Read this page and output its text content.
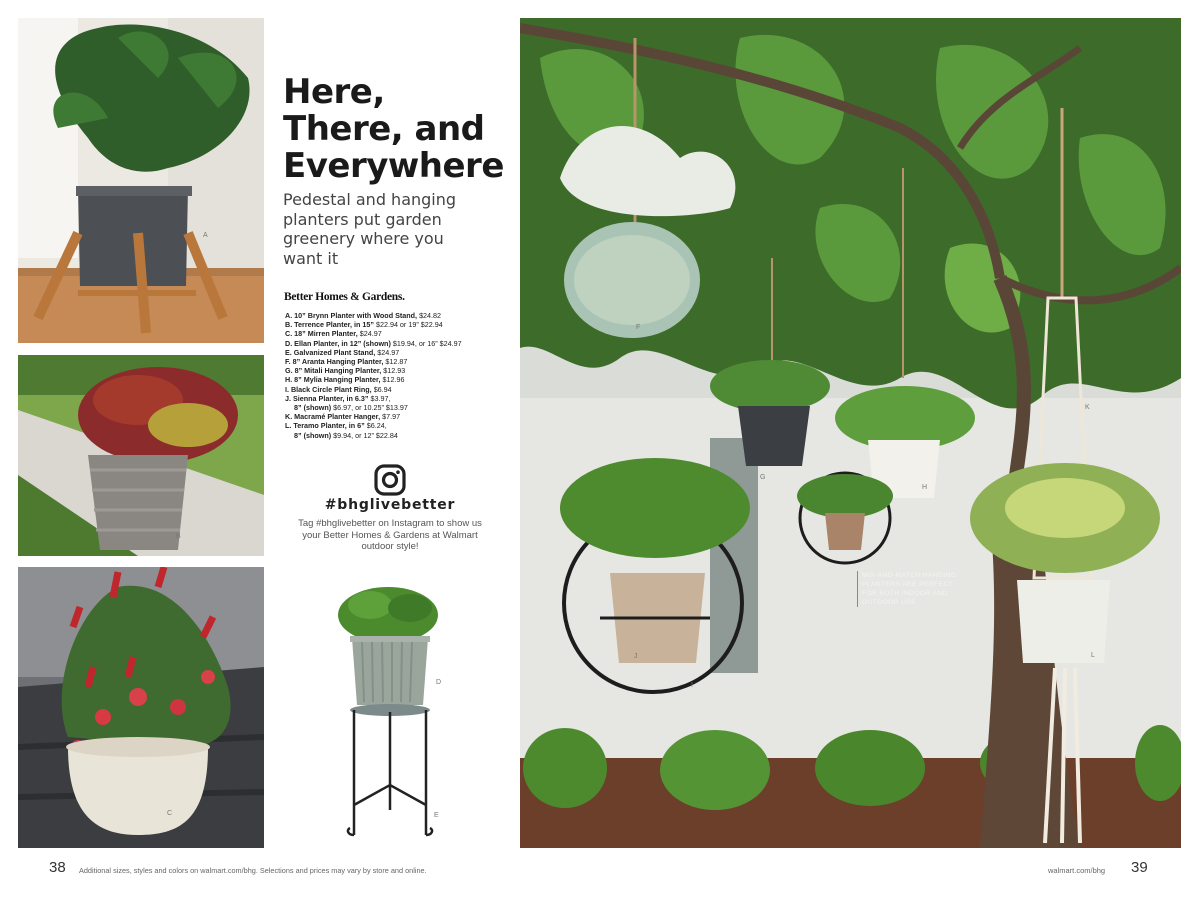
A
B
C
Here,
There, and
Everywhere
Pedestal and hanging planters put garden greenery where you want it
Better Homes & Gardens.
A. 10” Brynn Planter with Wood Stand, $24.82
B. Terrence Planter, in 15” $22.94 or 19” $22.94
C. 18” Mirren Planter, $24.97
D. Ellan Planter, in 12” (shown) $19.94, or 16” $24.97
E. Galvanized Plant Stand, $24.97
F. 8” Aranta Hanging Planter, $12.87
G. 8” Mitali Hanging Planter, $12.93
H. 8” Mylia Hanging Planter, $12.96
I. Black Circle Plant Ring, $6.94
J. Sienna Planter, in 6.3” $3.97,
8” (shown) $6.97, or 10.25” $13.97
K. Macramé Planter Hanger, $7.97
L. Teramo Planter, in 6” $6.24,
8” (shown) $9.94, or 12” $22.84
#bhglivebetter
Tag #bhglivebetter on Instagram to show us your Better Homes & Gardens at Walmart outdoor style!
D
E
F
G
H
I
J
K
L
MIX-AND-MATCH HANGING PLANTERS ARE PERFECT FOR BOTH INDOOR AND OUTDOOR USE
38 Additional sizes, styles and colors on walmart.com/bhg. Selections and prices may vary by store and online.	walmart.com/bhg 39
